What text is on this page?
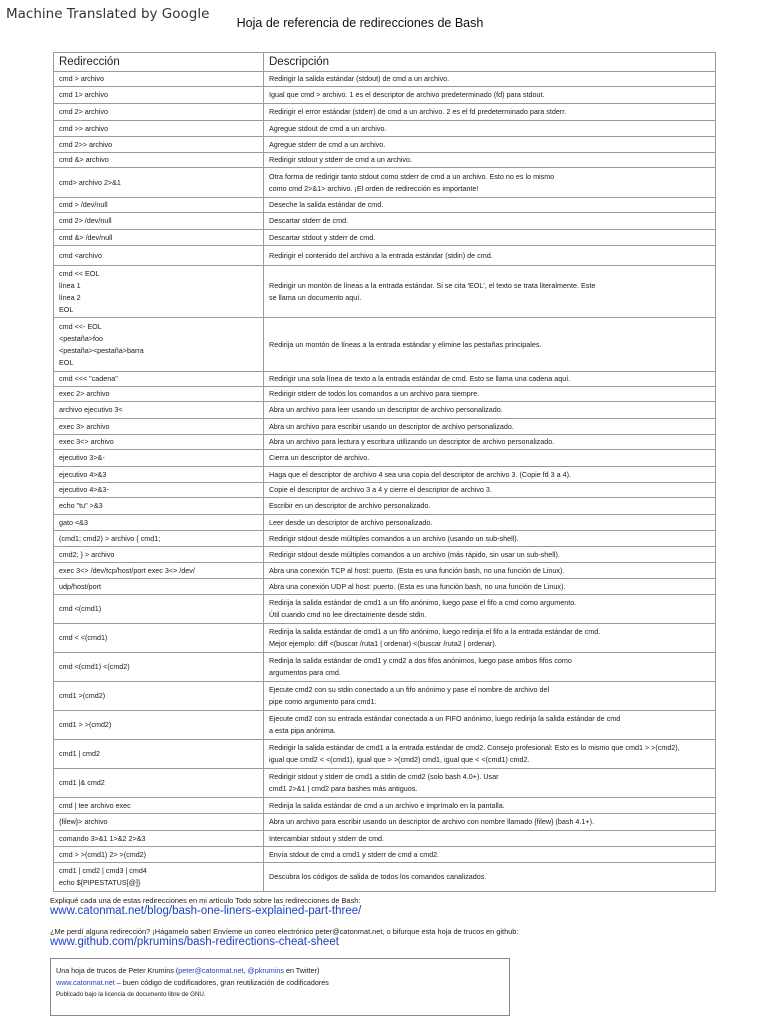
Machine Translated by Google
Hoja de referencia de redirecciones de Bash
Redirección	Descripción

cmd > archivo	Redirigir la salida estándar (stdout) de cmd a un archivo.

cmd 1> archivo	Igual que cmd > archivo. 1 es el descriptor de archivo predeterminado (fd) para stdout.

cmd 2> archivo	Redirigir el error estándar (stderr) de cmd a un archivo. 2 es el fd predeterminado para stderr.

cmd >> archivo	Agregue stdout de cmd a un archivo.

cmd 2>> archivo	Agregue stderr de cmd a un archivo.

cmd &> archivo	Redirigir stdout y stderr de cmd a un archivo.

cmd> archivo 2>&1	Otra forma de redirigir tanto stdout como stderr de cmd a un archivo. Esto no es lo mismo
como cmd 2>&1> archivo. ¡El orden de redirección es importante!

cmd > /dev/null	Deseche la salida estándar de cmd.

cmd 2> /dev/null	Descartar stderr de cmd.

cmd &> /dev/null	Descartar stdout y stderr de cmd.

cmd <archivo	Redirigir el contenido del archivo a la entrada estándar (stdin) de cmd.

cmd << EOL
línea 1
línea 2
EOL	Redirigir un montón de líneas a la entrada estándar. Si se cita 'EOL', el texto se trata literalmente. Este
se llama un documento aquí.

cmd <<- EOL
<pestaña>foo
<pestaña><pestaña>barra
EOL	Redirija un montón de líneas a la entrada estándar y elimine las pestañas principales.

cmd <<< "cadena"	Redirigir una sola línea de texto a la entrada estándar de cmd. Esto se llama una cadena aquí.

exec 2> archivo	Redirigir stderr de todos los comandos a un archivo para siempre.

archivo ejecutivo 3<	Abra un archivo para leer usando un descriptor de archivo personalizado.

exec 3> archivo	Abra un archivo para escribir usando un descriptor de archivo personalizado.

exec 3<> archivo	Abra un archivo para lectura y escritura utilizando un descriptor de archivo personalizado.

ejecutivo 3>&-	Cierra un descriptor de archivo.

ejecutivo 4>&3	Haga que el descriptor de archivo 4 sea una copia del descriptor de archivo 3. (Copie fd 3 a 4).

ejecutivo 4>&3-	Copie el descriptor de archivo 3 a 4 y cierre el descriptor de archivo 3.

echo "tu" >&3	Escribir en un descriptor de archivo personalizado.

gato <&3	Leer desde un descriptor de archivo personalizado.

(cmd1; cmd2) > archivo { cmd1;	Redirigir stdout desde múltiples comandos a un archivo (usando un sub-shell).

cmd2; } > archivo	Redirigir stdout desde múltiples comandos a un archivo (más rápido, sin usar un sub-shell).

exec 3<> /dev/tcp/host/port exec 3<> /dev/	Abra una conexión TCP al host: puerto. (Esta es una función bash, no una función de Linux).

udp/host/port	Abra una conexión UDP al host: puerto. (Esta es una función bash, no una función de Linux).

cmd <(cmd1)	Redirija la salida estándar de cmd1 a un fifo anónimo, luego pase el fifo a cmd como argumento.
Útil cuando cmd no lee directamente desde stdin.

cmd < <(cmd1)	Redirija la salida estándar de cmd1 a un fifo anónimo, luego redirija el fifo a la entrada estándar de cmd.
Mejor ejemplo: diff <(buscar /ruta1 | ordenar) <(buscar /ruta2 | ordenar).

cmd <(cmd1) <(cmd2)	Redirija la salida estándar de cmd1 y cmd2 a dos fifos anónimos, luego pase ambos fifos como
argumentos para cmd.

cmd1 >(cmd2)	Ejecute cmd2 con su stdin conectado a un fifo anónimo y pase el nombre de archivo del
pipe como argumento para cmd1.

cmd1 > >(cmd2)	Ejecute cmd2 con su entrada estándar conectada a un FIFO anónimo, luego redirija la salida estándar de cmd
a esta pipa anónima.

cmd1 | cmd2	Redirigir la salida estándar de cmd1 a la entrada estándar de cmd2. Consejo profesional: Esto es lo mismo que cmd1 > >(cmd2),
igual que cmd2 < <(cmd1), igual que > >(cmd2) cmd1, igual que < <(cmd1) cmd2.

cmd1 |& cmd2	Redirigir stdout y stderr de cmd1 a stdin de cmd2 (solo bash 4.0+). Usar
cmd1 2>&1 | cmd2 para bashes más antiguos.

cmd | tee archivo exec	Redirija la salida estándar de cmd a un archivo e imprímalo en la pantalla.

{filew}> archivo	Abra un archivo para escribir usando un descriptor de archivo con nombre llamado {filew} (bash 4.1+).

comando 3>&1 1>&2 2>&3	Intercambiar stdout y stderr de cmd.

cmd > >(cmd1) 2> >(cmd2)	Envía stdout de cmd a cmd1 y stderr de cmd a cmd2.

cmd1 | cmd2 | cmd3 | cmd4
echo ${PIPESTATUS[@]}	Descubra los códigos de salida de todos los comandos canalizados.
Expliqué cada una de estas redirecciones en mi artículo Todo sobre las redirecciones de Bash:
www.catonmat.net/blog/bash-one-liners-explained-part-three/
¿Me perdí alguna redirección? ¡Hágamelo saber! Envíeme un correo electrónico peter@catonmat.net, o bifurque esta hoja de trucos en github:
www.github.com/pkrumins/bash-redirections-cheat-sheet
Una hoja de trucos de Peter Krumins (peter@catonmat.net, @pkrumins en Twitter)
www.catonmat.net – buen código de codificadores, gran reutilización de codificadores
Publicado bajo la licencia de documento libre de GNU.
